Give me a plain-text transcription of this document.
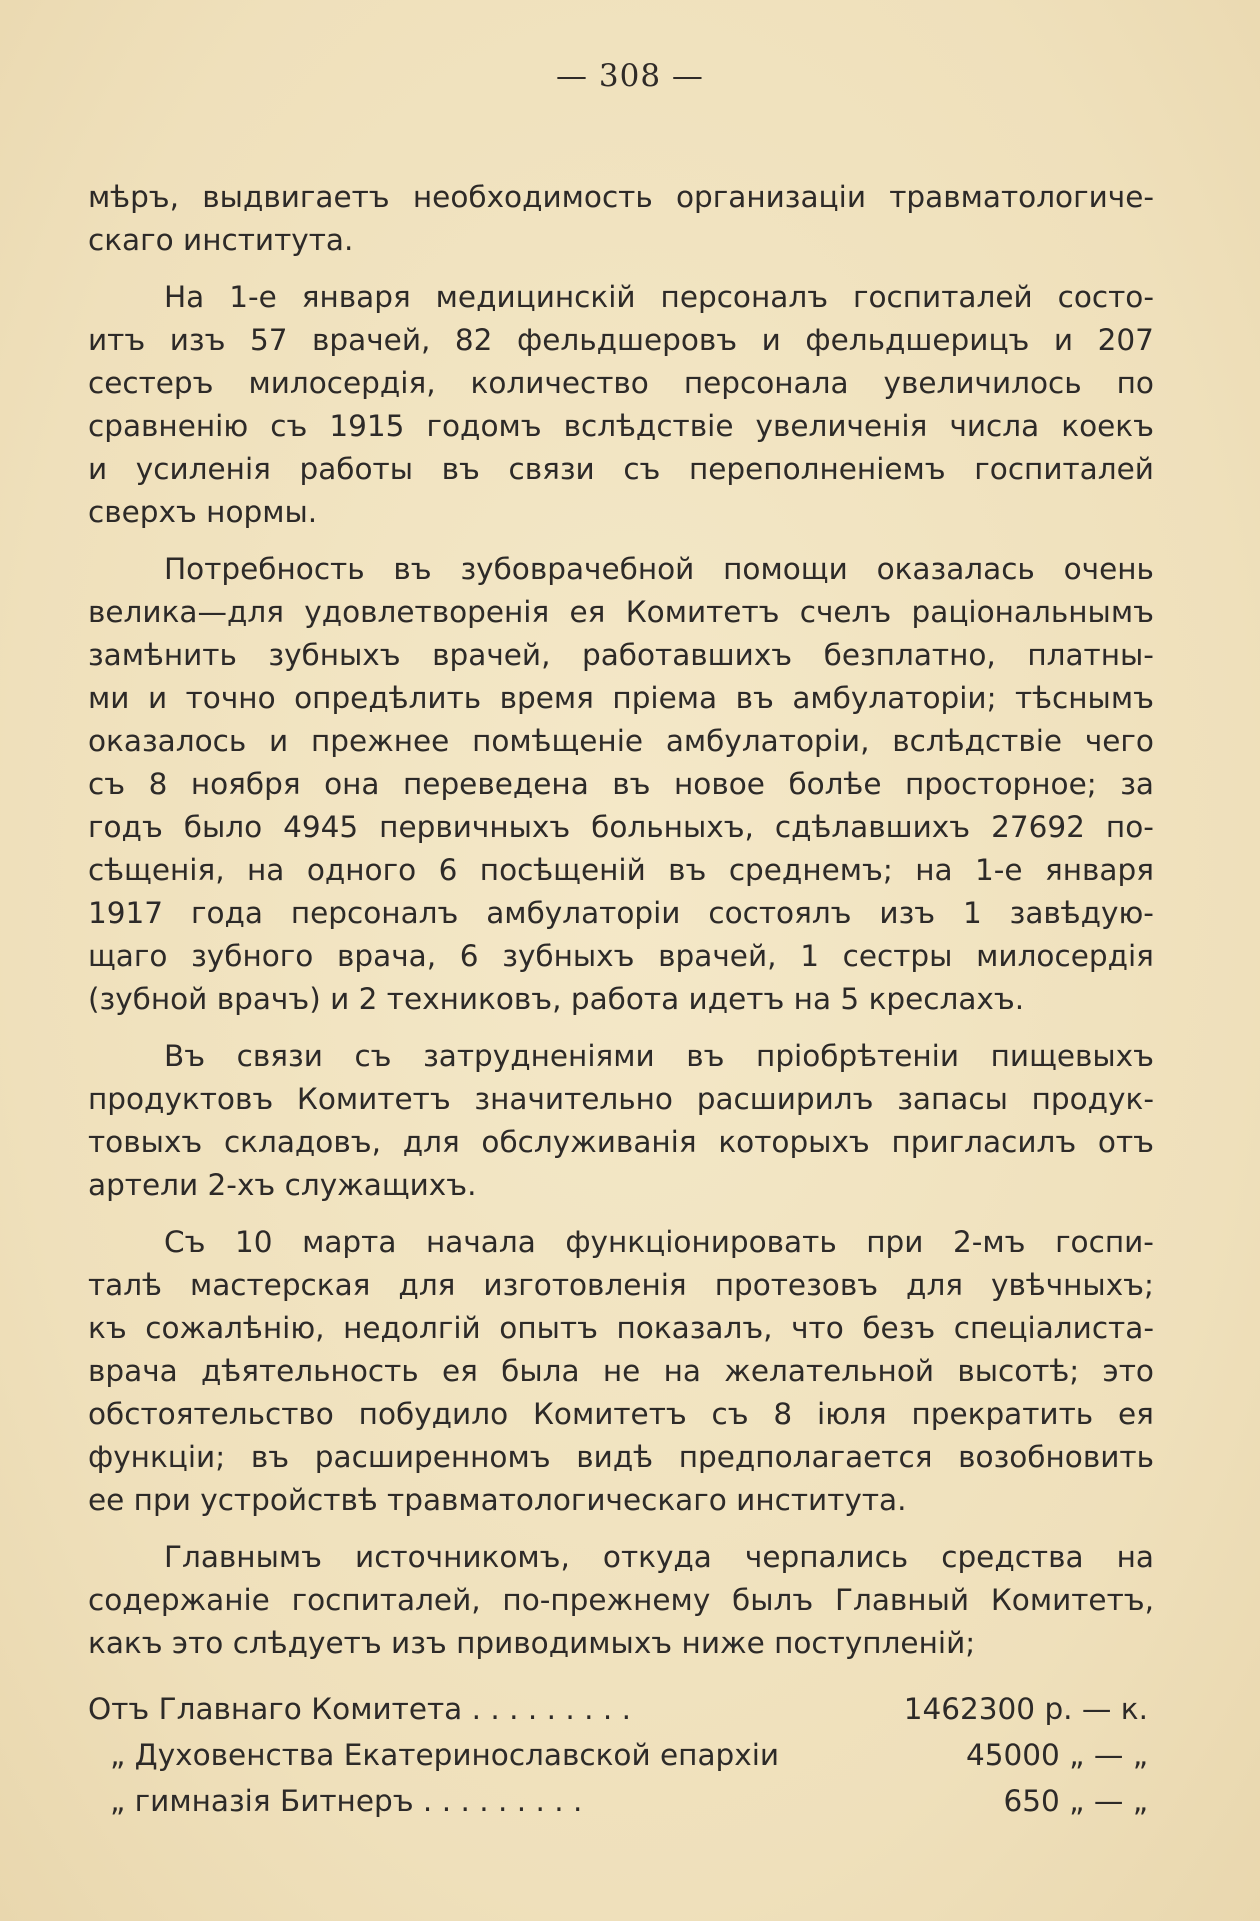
— 308 —
мѣръ, выдвигаетъ необходимость организаціи травматологиче-
скаго института.
На 1-е января медицинскій персоналъ госпиталей состо-
итъ изъ 57 врачей, 82 фельдшеровъ и фельдшерицъ и 207
сестеръ милосердія, количество персонала увеличилось по
сравненію съ 1915 годомъ вслѣдствіе увеличенія числа коекъ
и усиленія работы въ связи съ переполненіемъ госпиталей
сверхъ нормы.
Потребность въ зубоврачебной помощи оказалась очень
велика—для удовлетворенія ея Комитетъ счелъ раціональнымъ
замѣнить зубныхъ врачей, работавшихъ безплатно, платны-
ми и точно опредѣлить время пріема въ амбулаторіи; тѣснымъ
оказалось и прежнее помѣщеніе амбулаторіи, вслѣдствіе чего
съ 8 ноября она переведена въ новое болѣе просторное; за
годъ было 4945 первичныхъ больныхъ, сдѣлавшихъ 27692 по-
сѣщенія, на одного 6 посѣщеній въ среднемъ; на 1-е января
1917 года персоналъ амбулаторіи состоялъ изъ 1 завѣдую-
щаго зубного врача, 6 зубныхъ врачей, 1 сестры милосердія
(зубной врачъ) и 2 техниковъ, работа идетъ на 5 креслахъ.
Въ связи съ затрудненіями въ пріобрѣтеніи пищевыхъ
продуктовъ Комитетъ значительно расширилъ запасы продук-
товыхъ складовъ, для обслуживанія которыхъ пригласилъ отъ
артели 2-хъ служащихъ.
Съ 10 марта начала функціонировать при 2-мъ госпи-
талѣ мастерская для изготовленія протезовъ для увѣчныхъ;
къ сожалѣнію, недолгій опытъ показалъ, что безъ спеціалиста-
врача дѣятельность ея была не на желательной высотѣ; это
обстоятельство побудило Комитетъ съ 8 іюля прекратить ея
функціи; въ расширенномъ видѣ предполагается возобновить
ее при устройствѣ травматологическаго института.
Главнымъ источникомъ, откуда черпались средства на
содержаніе госпиталей, по-прежнему былъ Главный Комитетъ,
какъ это слѣдуетъ изъ приводимыхъ ниже поступленій;
Отъ Главнаго Комитета . . . . . . . . .	1462300 р. — к.
„ Духовенства Екатеринославской епархіи	45000 „ — „
„ гимназія Битнеръ . . . . . . . . .	650 „ — „
